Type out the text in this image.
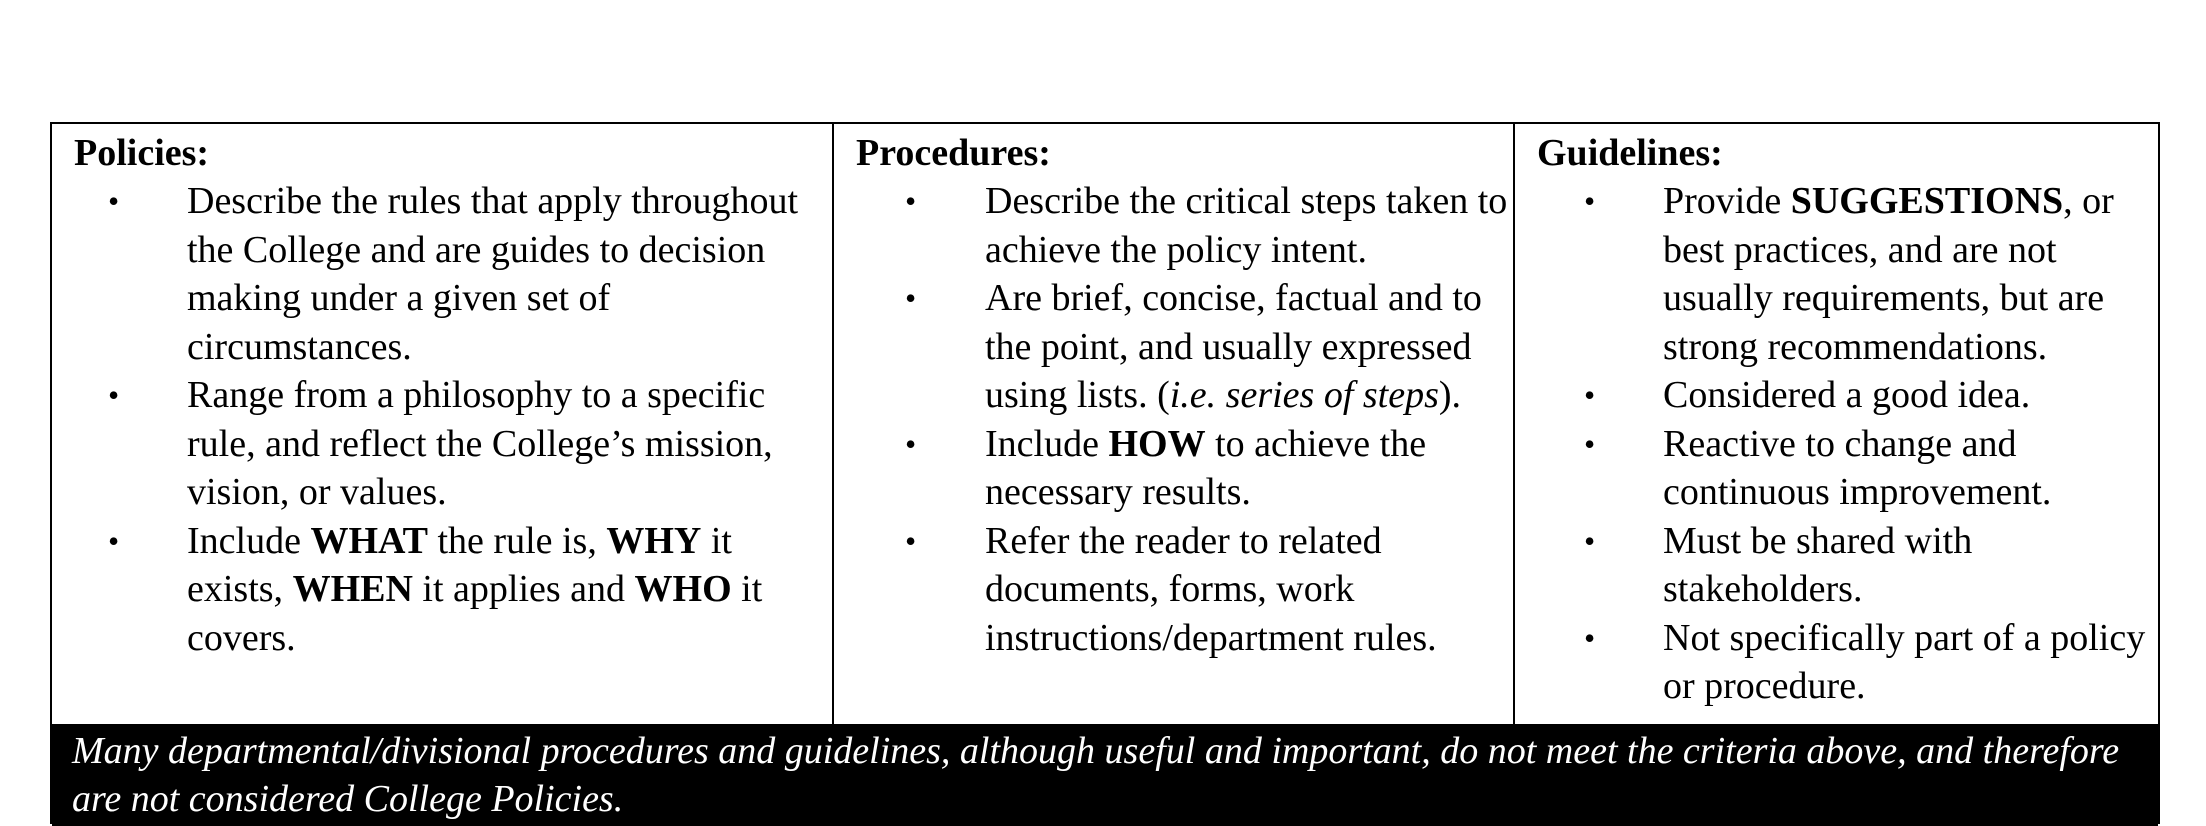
Policies:
• Describe the rules that apply throughout the College and are guides to decision making under a given set of circumstances.
• Range from a philosophy to a specific rule, and reflect the College’s mission, vision, or values.
• Include WHAT the rule is, WHY it exists, WHEN it applies and WHO it covers.
Procedures:
• Describe the critical steps taken to achieve the policy intent.
• Are brief, concise, factual and to the point, and usually expressed using lists. (i.e. series of steps).
• Include HOW to achieve the necessary results.
• Refer the reader to related documents, forms, work instructions/department rules.
Guidelines:
• Provide SUGGESTIONS, or best practices, and are not usually requirements, but are strong recommendations.
• Considered a good idea.
• Reactive to change and continuous improvement.
• Must be shared with stakeholders.
• Not specifically part of a policy or procedure.
Many departmental/divisional procedures and guidelines, although useful and important, do not meet the criteria above, and therefore are not considered College Policies.
